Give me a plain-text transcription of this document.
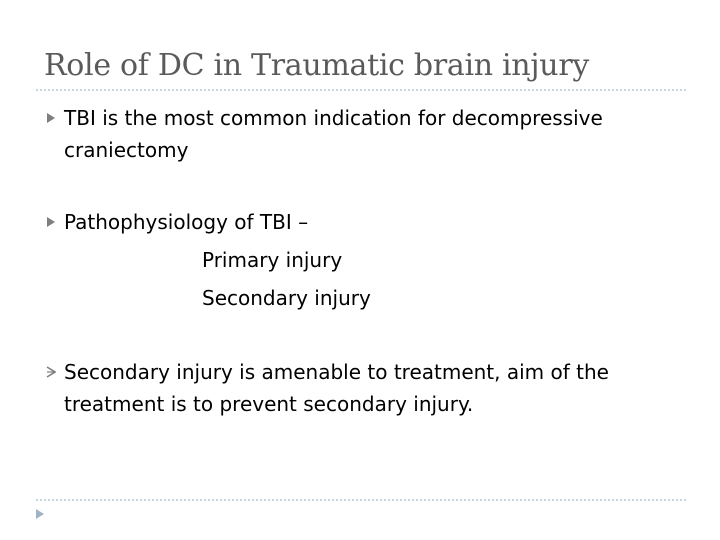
Role of DC in Traumatic brain injury
TBI is the most common indication for decompressive craniectomy
Pathophysiology of TBI –
Primary injury
Secondary injury
Secondary injury is amenable to treatment, aim of the treatment is to prevent secondary injury.
